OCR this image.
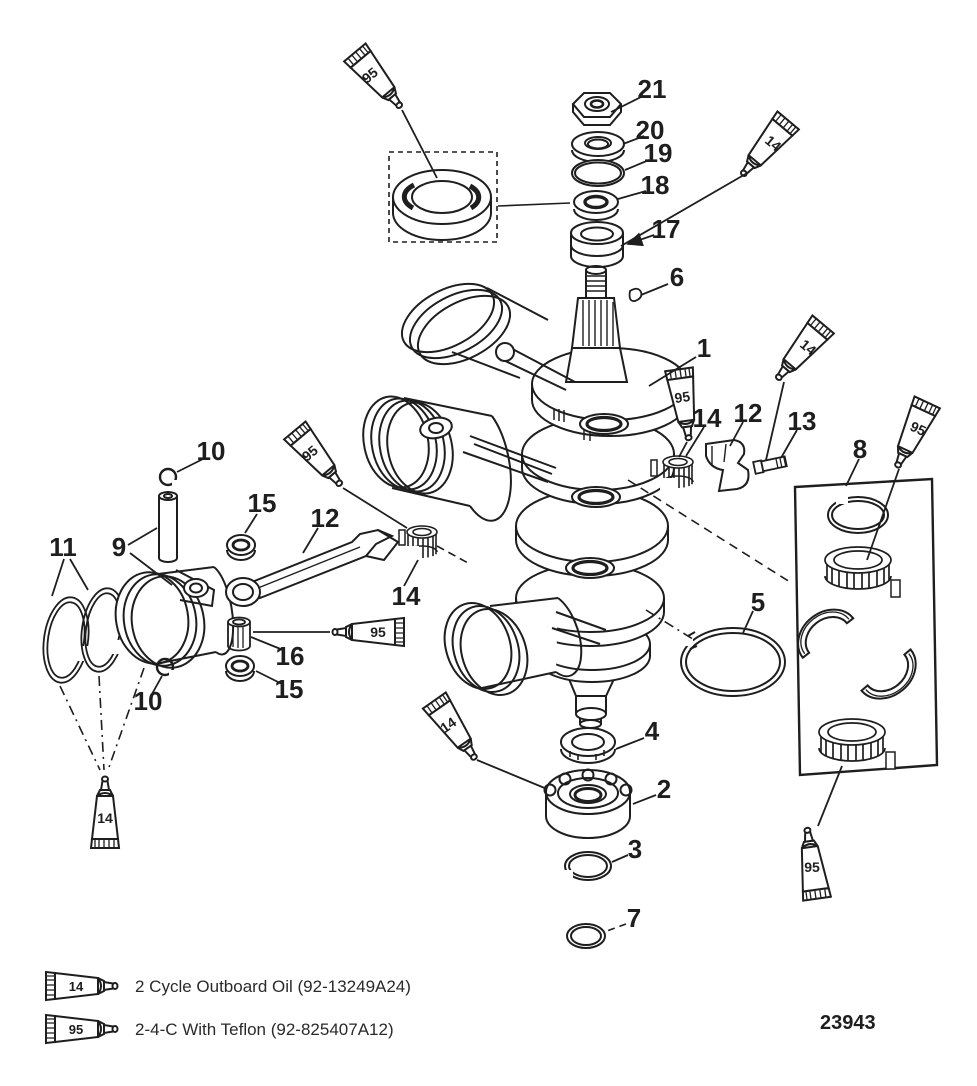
21
20
19
18
17
6
1
14 12 13
8
5
4
2
3
7
11 9
10
10
15 12
14
16
15
95
14
95
95
14
95
14
95
95
14
14	2 Cycle Outboard Oil (92-13249A24)
95	2-4-C With Teflon (92-825407A12)	23943
